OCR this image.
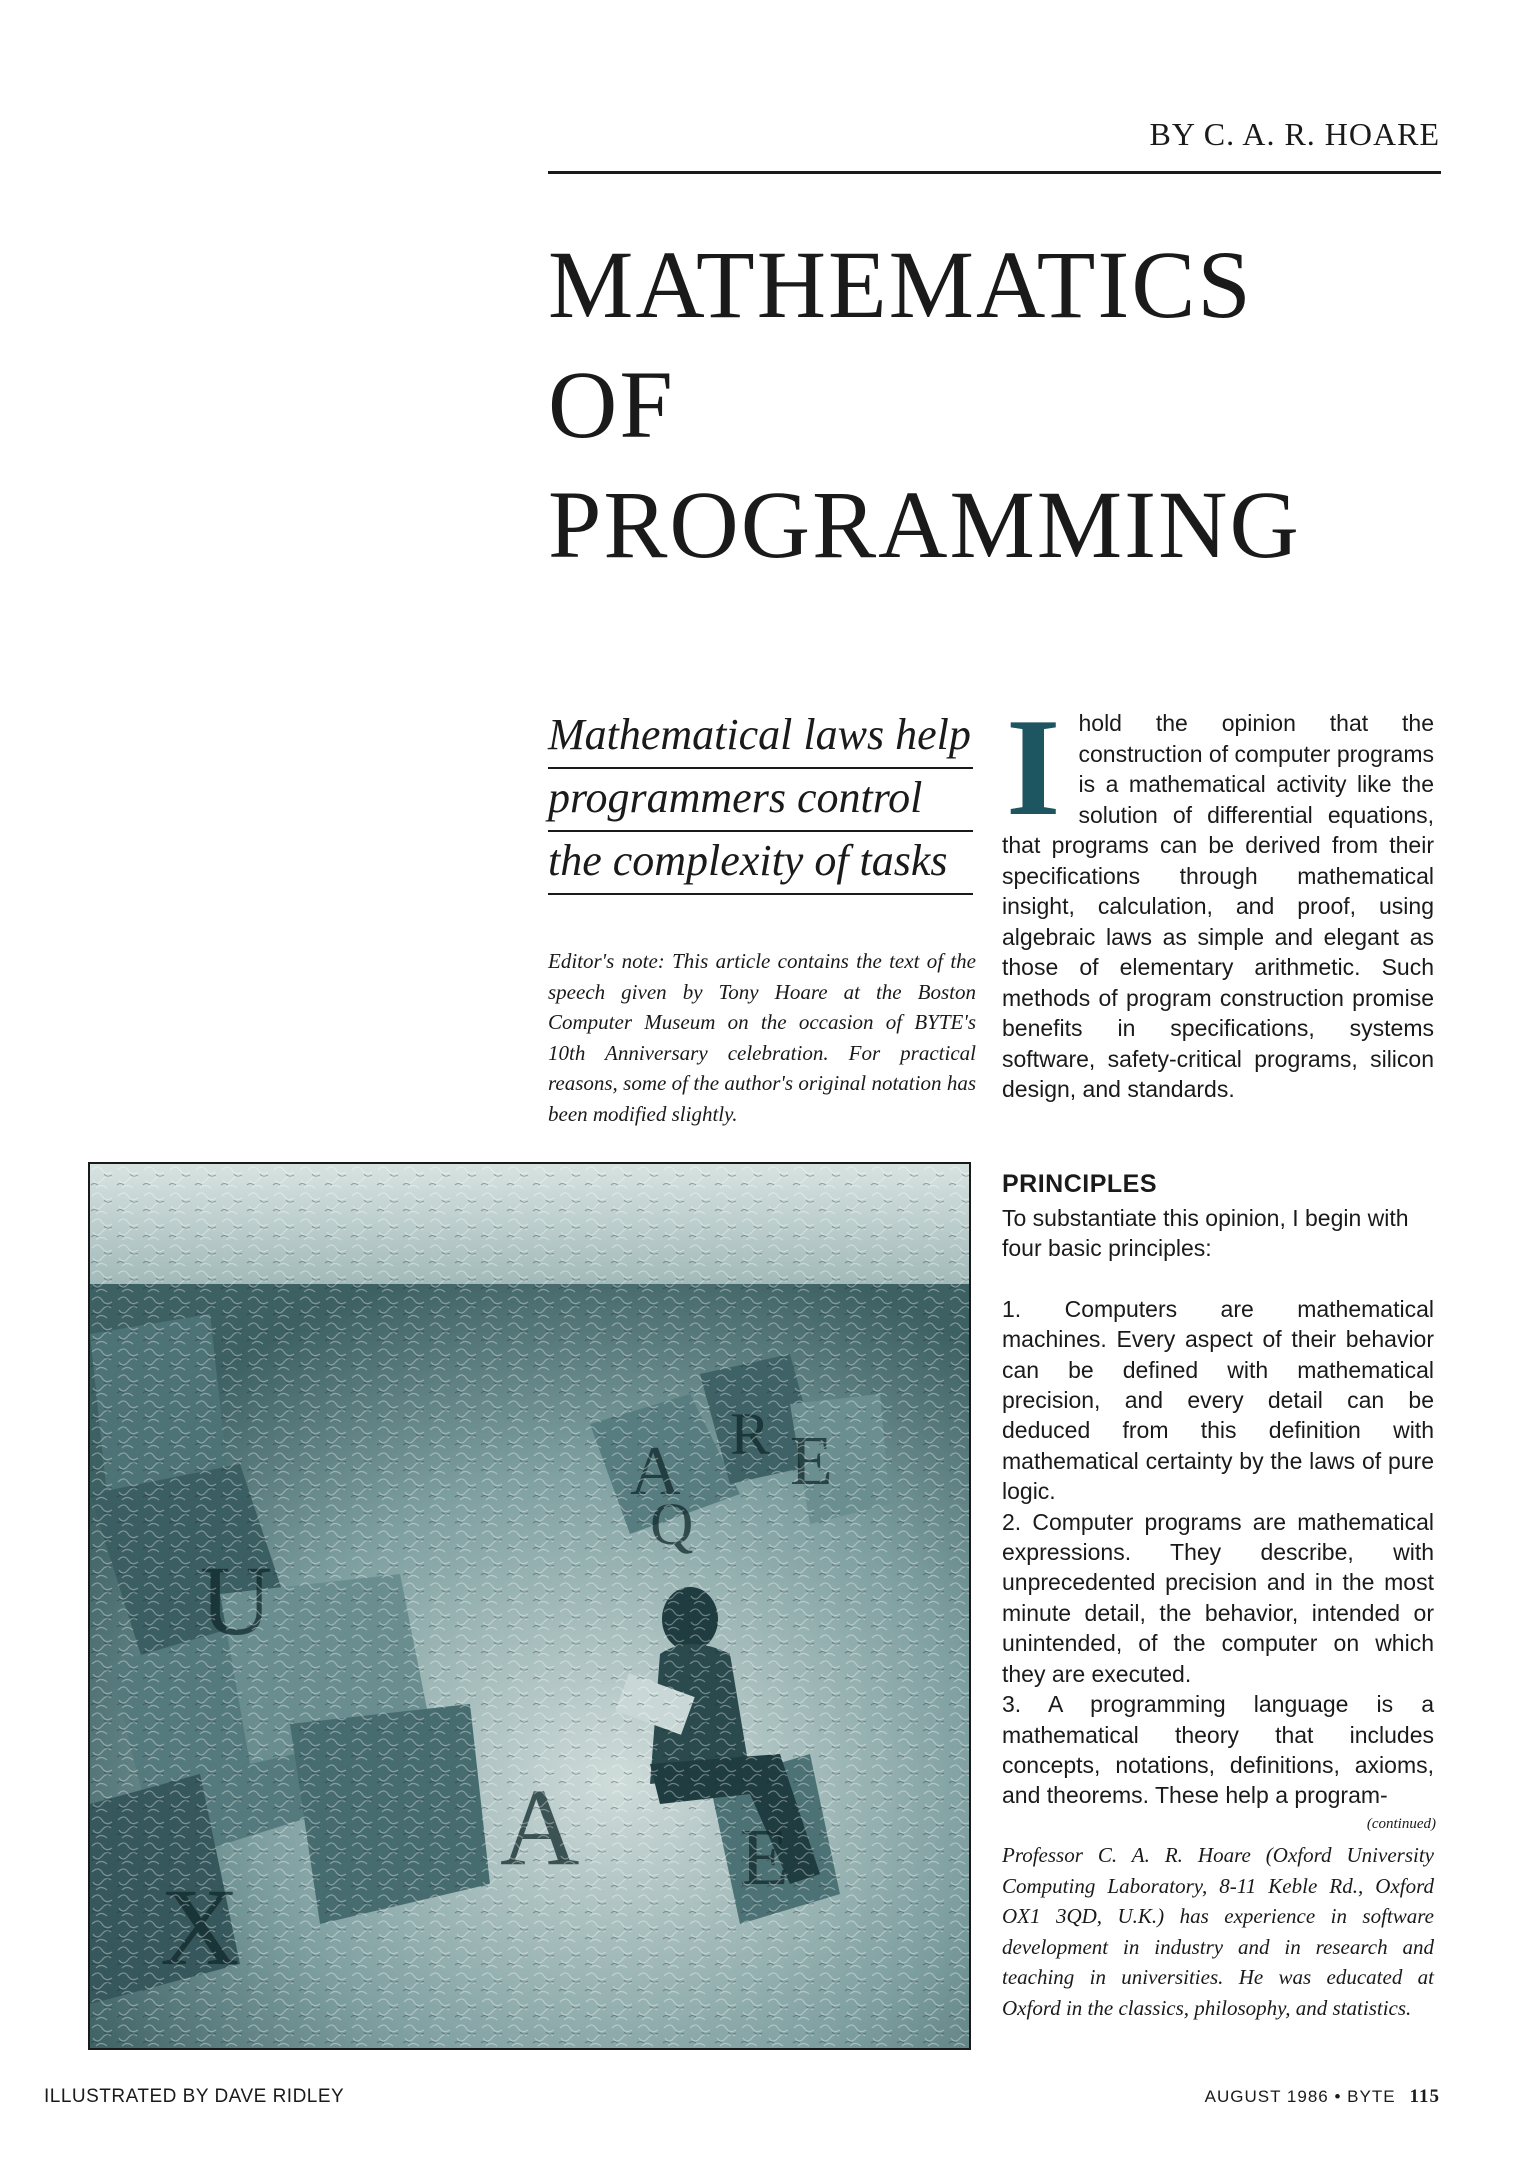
BY C. A. R. HOARE
MATHEMATICS
OF
PROGRAMMING
Mathematical laws help
programmers control
the complexity of tasks
Editor's note: This article contains the text of the speech given by Tony Hoare at the Boston Computer Museum on the occasion of BYTE's 10th Anniversary celebration. For practical reasons, some of the author's original notation has been modified slightly.
I hold the opinion that the construction of computer programs is a mathematical activity like the solution of differential equations, that programs can be derived from their specifications through mathematical insight, calculation, and proof, using algebraic laws as simple and elegant as those of elementary arithmetic. Such methods of program construction promise benefits in specifications, systems software, safety-critical programs, silicon design, and standards.
PRINCIPLES

To substantiate this opinion, I begin with four basic principles:

1. Computers are mathematical machines. Every aspect of their behavior can be defined with mathematical precision, and every detail can be deduced from this definition with mathematical certainty by the laws of pure logic.

2. Computer programs are mathematical expressions. They describe, with unprecedented precision and in the most minute detail, the behavior, intended or unintended, of the computer on which they are executed.

3. A programming language is a mathematical theory that includes concepts, notations, definitions, axioms, and theorems. These help a program-

(continued)
Professor C. A. R. Hoare (Oxford University Computing Laboratory, 8-11 Keble Rd., Oxford OX1 3QD, U.K.) has experience in software development in industry and in research and teaching in universities. He was educated at Oxford in the classics, philosophy, and statistics.
ILLUSTRATED BY DAVE RIDLEY	AUGUST 1986 • BYTE 115
